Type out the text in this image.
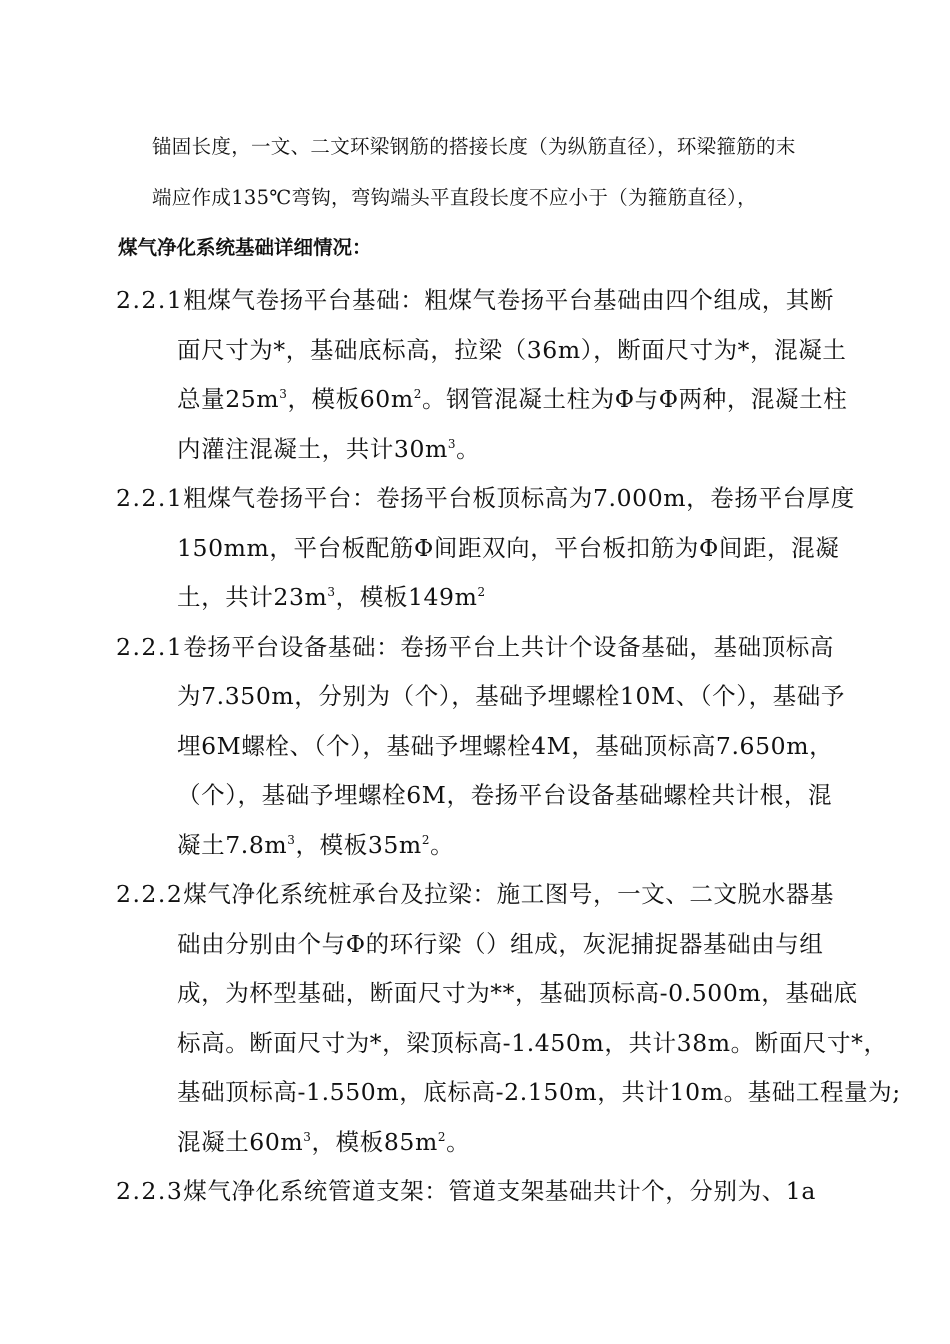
锚固长度，一文、二文环梁钢筋的搭接长度（为纵筋直径），环梁箍筋的末
端应作成135℃弯钩，弯钩端头平直段长度不应小于（为箍筋直径），
煤气净化系统基础详细情况：
2.2.1粗煤气卷扬平台基础：粗煤气卷扬平台基础由四个组成，其断
面尺寸为*，基础底标高，拉梁（36m），断面尺寸为*，混凝土
总量$25m^3$，模板$60m^2$。钢管混凝土柱为Φ与Φ两种，混凝土柱
内灌注混凝土，共计$30m^3$。
2.2.1粗煤气卷扬平台：卷扬平台板顶标高为7.000m，卷扬平台厚度
150mm，平台板配筋Φ间距双向，平台板扣筋为Φ间距，混凝
土，共计$23m^3$，模板$149m^2$
2.2.1卷扬平台设备基础：卷扬平台上共计个设备基础，基础顶标高
为7.350m，分别为（个），基础予埋螺栓10M、（个），基础予
埋6M螺栓、（个），基础予埋螺栓4M，基础顶标高7.650m，
（个），基础予埋螺栓6M，卷扬平台设备基础螺栓共计根，混
凝土$7.8m^3$，模板$35m^2$。
2.2.2煤气净化系统桩承台及拉梁：施工图号，一文、二文脱水器基
础由分别由个与Φ的环行梁（）组成，灰泥捕捉器基础由与组
成，为杯型基础，断面尺寸为**，基础顶标高-0.500m，基础底
标高。断面尺寸为*，梁顶标高-1.450m，共计38m。断面尺寸*，
基础顶标高-1.550m，底标高-2.150m，共计10m。基础工程量为;
混凝土$60m^3$，模板$85m^2$。
2.2.3煤气净化系统管道支架：管道支架基础共计个，分别为、1a
